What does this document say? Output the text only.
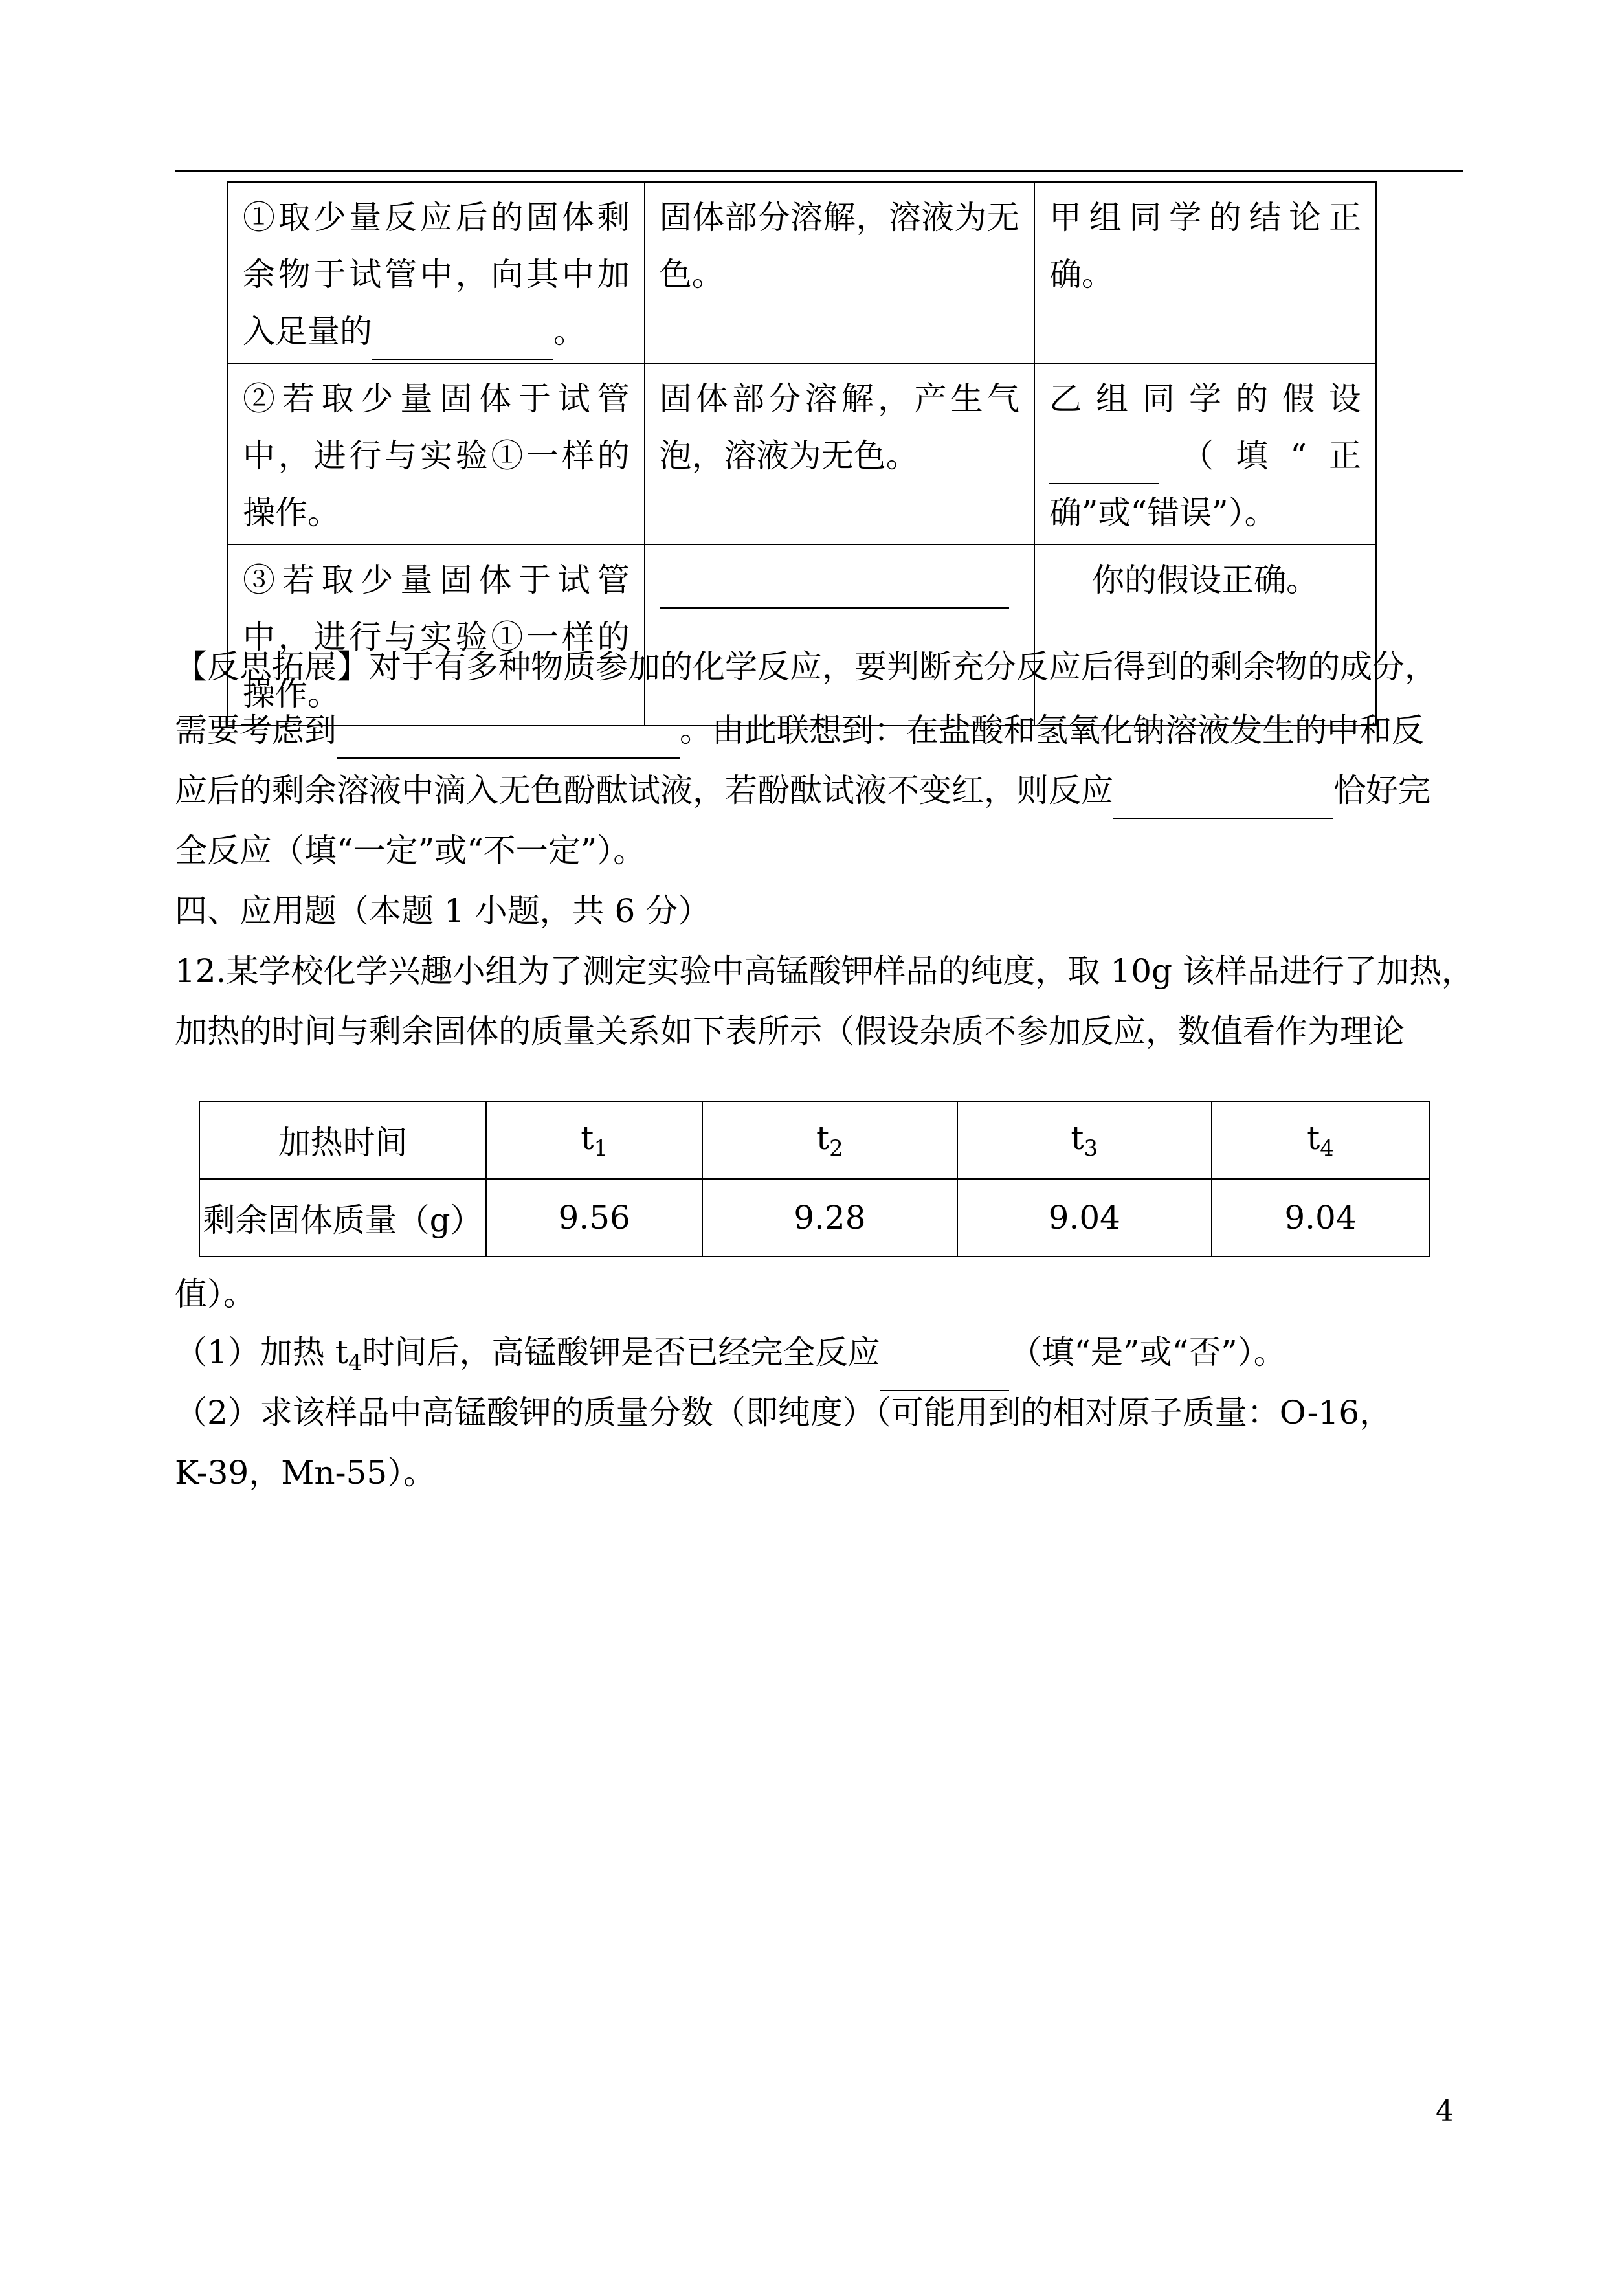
①取少量反应后的固体剩余物于试管中，向其中加入足量的 。	固体部分溶解，溶液为无色。	甲组同学的结论正确。
②若取少量固体于试管中，进行与实验①一样的操作。	固体部分溶解，产生气泡，溶液为无色。	乙组同学的假设（填“正确”或“错误”）。
③若取少量固体于试管中，进行与实验①一样的操作。		你的假设正确。

【反思拓展】对于有多种物质参加的化学反应，要判断充分反应后得到的剩余物的成分，

需要考虑到	。由此联想到：在盐酸和氢氧化钠溶液发生的中和反

应后的剩余溶液中滴入无色酚酞试液，若酚酞试液不变红，则反应	恰好完

全反应（填“一定”或“不一定”）。

四、应用题（本题 1 小题，共 6 分）

12.某学校化学兴趣小组为了测定实验中高锰酸钾样品的纯度，取 10g 该样品进行了加热，

加热的时间与剩余固体的质量关系如下表所示（假设杂质不参加反应，数值看作为理论

加热时间	$t_1$	$t_2$	$t_3$	$t_4$
剩余固体质量（g）	9.56	9.28	9.04	9.04

值）。

（1）加热 $t_4$时间后，高锰酸钾是否已经完全反应	（填“是”或“否”）。

（2）求该样品中高锰酸钾的质量分数（即纯度）（可能用到的相对原子质量：O-16，

K-39，Mn-55）。

4
